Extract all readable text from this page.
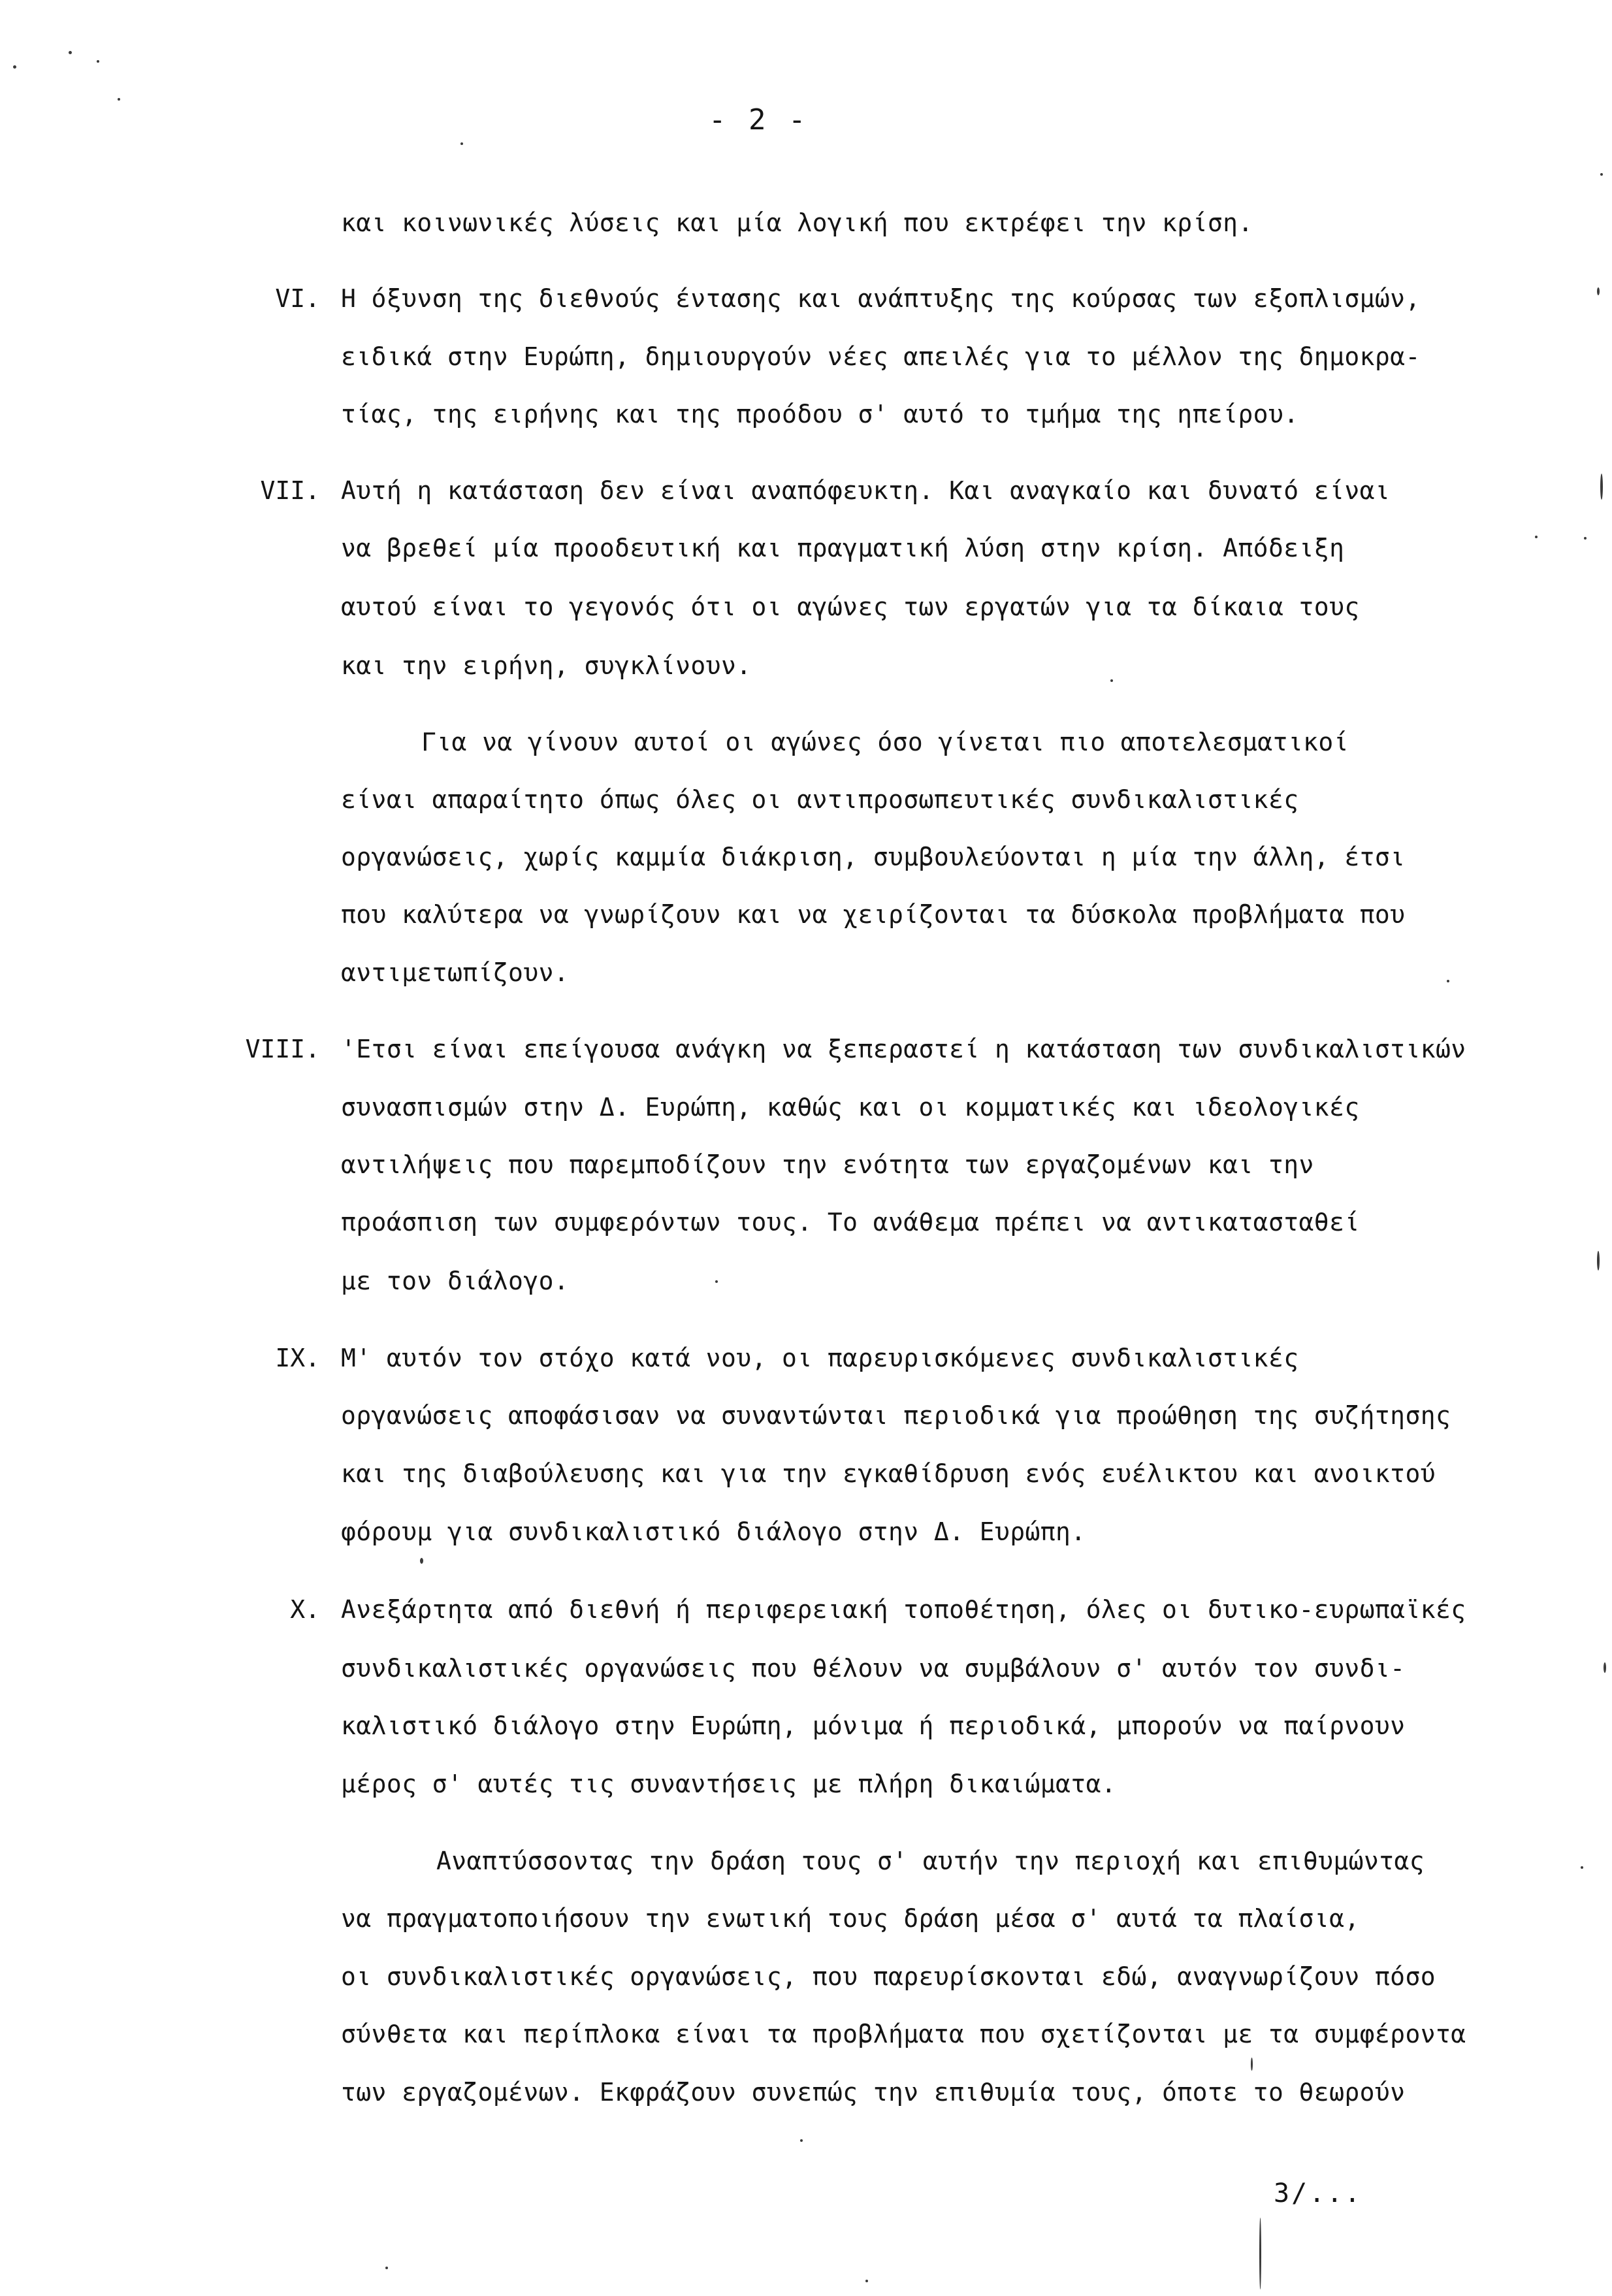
- 2 -
και κοινωνικές λύσεις και μία λογική που εκτρέφει την κρίση.
VI. Η όξυνση της διεθνούς έντασης και ανάπτυξης της κούρσας των εξοπλισμών,
ειδικά στην Ευρώπη, δημιουργούν νέες απειλές για το μέλλον της δημοκρα-
τίας, της ειρήνης και της προόδου σ' αυτό το τμήμα της ηπείρου.
VII. Αυτή η κατάσταση δεν είναι αναπόφευκτη. Και αναγκαίο και δυνατό είναι
να βρεθεί μία προοδευτική και πραγματική λύση στην κρίση. Απόδειξη
αυτού είναι το γεγονός ότι οι αγώνες των εργατών για τα δίκαια τους
και την ειρήνη, συγκλίνουν.
Για να γίνουν αυτοί οι αγώνες όσο γίνεται πιο αποτελεσματικοί
είναι απαραίτητο όπως όλες οι αντιπροσωπευτικές συνδικαλιστικές
οργανώσεις, χωρίς καμμία διάκριση, συμβουλεύονται η μία την άλλη, έτσι
που καλύτερα να γνωρίζουν και να χειρίζονται τα δύσκολα προβλήματα που
αντιμετωπίζουν.
VIII. 'Ετσι είναι επείγουσα ανάγκη να ξεπεραστεί η κατάσταση των συνδικαλιστικών
συνασπισμών στην Δ. Ευρώπη, καθώς και οι κομματικές και ιδεολογικές
αντιλήψεις που παρεμποδίζουν την ενότητα των εργαζομένων και την
προάσπιση των συμφερόντων τους. Το ανάθεμα πρέπει να αντικατασταθεί
με τον διάλογο.
IX. Μ' αυτόν τον στόχο κατά νου, οι παρευρισκόμενες συνδικαλιστικές
οργανώσεις αποφάσισαν να συναντώνται περιοδικά για προώθηση της συζήτησης
και της διαβούλευσης και για την εγκαθίδρυση ενός ευέλικτου και ανοικτού
φόρουμ για συνδικαλιστικό διάλογο στην Δ. Ευρώπη.
X. Ανεξάρτητα από διεθνή ή περιφερειακή τοποθέτηση, όλες οι δυτικο-ευρωπαϊκές
συνδικαλιστικές οργανώσεις που θέλουν να συμβάλουν σ' αυτόν τον συνδι-
καλιστικό διάλογο στην Ευρώπη, μόνιμα ή περιοδικά, μπορούν να παίρνουν
μέρος σ' αυτές τις συναντήσεις με πλήρη δικαιώματα.
Αναπτύσσοντας την δράση τους σ' αυτήν την περιοχή και επιθυμώντας
να πραγματοποιήσουν την ενωτική τους δράση μέσα σ' αυτά τα πλαίσια,
οι συνδικαλιστικές οργανώσεις, που παρευρίσκονται εδώ, αναγνωρίζουν πόσο
σύνθετα και περίπλοκα είναι τα προβλήματα που σχετίζονται με τα συμφέροντα
των εργαζομένων. Εκφράζουν συνεπώς την επιθυμία τους, όποτε το θεωρούν
3/...
